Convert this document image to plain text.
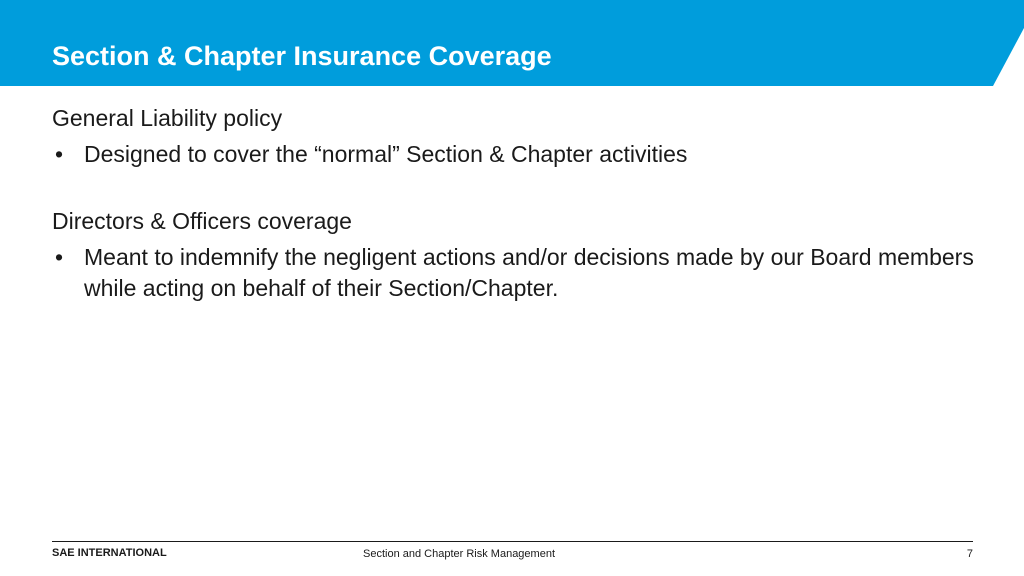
Section & Chapter Insurance Coverage

General Liability policy

• Designed to cover the “normal” Section & Chapter activities

Directors & Officers coverage

• Meant to indemnify the negligent actions and/or decisions made by our Board members while acting on behalf of their Section/Chapter.
SAE INTERNATIONAL	Section and Chapter Risk Management	7
